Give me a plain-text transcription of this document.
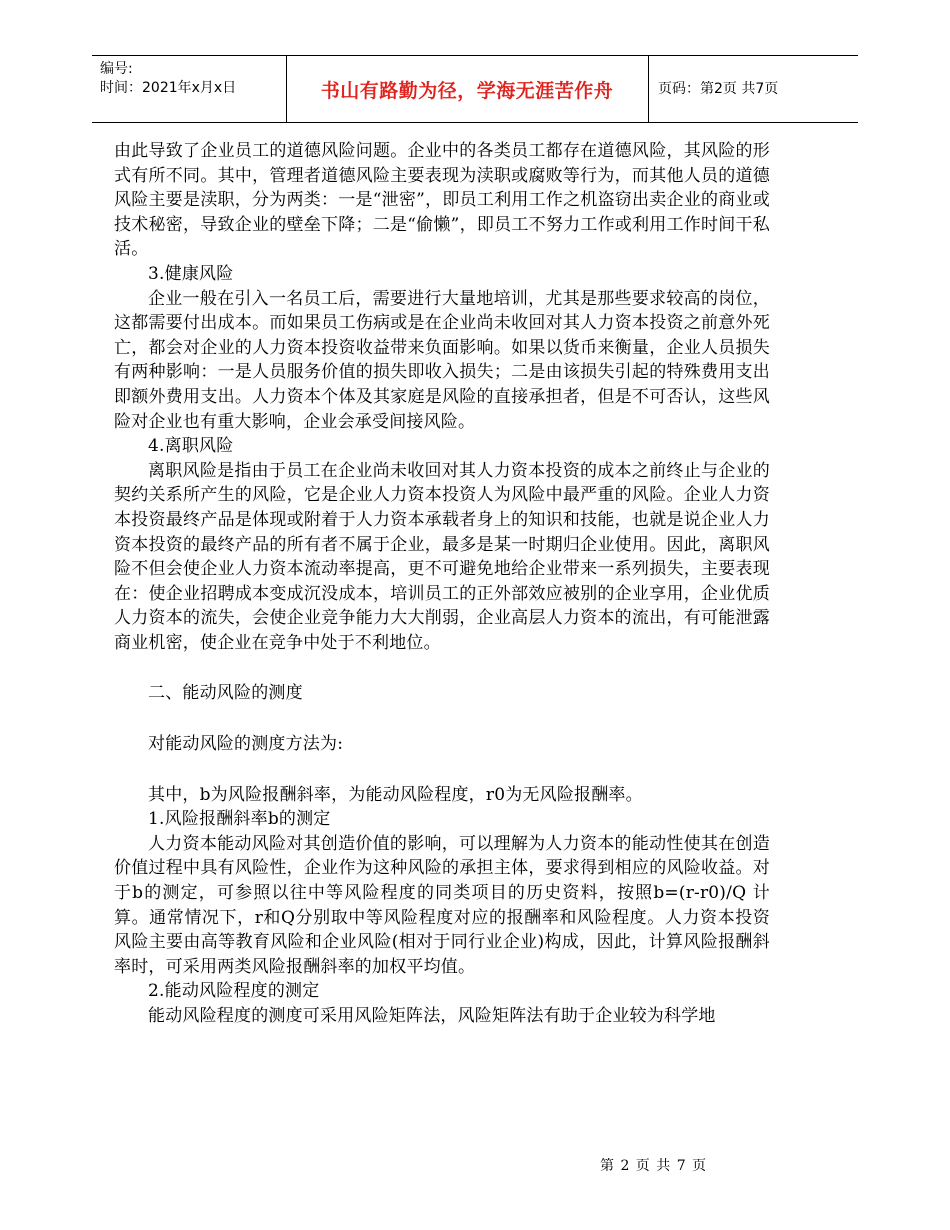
编号:
时间：2021年x月x日	书山有路勤为径，学海无涯苦作舟	页码：第2页 共7页

由此导致了企业员工的道德风险问题。企业中的各类员工都存在道德风险，其风险的形式有所不同。其中，管理者道德风险主要表现为渎职或腐败等行为，而其他人员的道德风险主要是渎职，分为两类：一是“泄密”，即员工利用工作之机盗窃出卖企业的商业或技术秘密，导致企业的壁垒下降；二是“偷懒”，即员工不努力工作或利用工作时间干私活。

3.健康风险

企业一般在引入一名员工后，需要进行大量地培训，尤其是那些要求较高的岗位，这都需要付出成本。而如果员工伤病或是在企业尚未收回对其人力资本投资之前意外死亡，都会对企业的人力资本投资收益带来负面影响。如果以货币来衡量，企业人员损失有两种影响：一是人员服务价值的损失即收入损失；二是由该损失引起的特殊费用支出即额外费用支出。人力资本个体及其家庭是风险的直接承担者，但是不可否认，这些风险对企业也有重大影响，企业会承受间接风险。

4.离职风险

离职风险是指由于员工在企业尚未收回对其人力资本投资的成本之前终止与企业的契约关系所产生的风险，它是企业人力资本投资人为风险中最严重的风险。企业人力资本投资最终产品是体现或附着于人力资本承载者身上的知识和技能，也就是说企业人力资本投资的最终产品的所有者不属于企业，最多是某一时期归企业使用。因此，离职风险不但会使企业人力资本流动率提高，更不可避免地给企业带来一系列损失，主要表现在：使企业招聘成本变成沉没成本，培训员工的正外部效应被别的企业享用，企业优质人力资本的流失，会使企业竞争能力大大削弱，企业高层人力资本的流出，有可能泄露商业机密，使企业在竞争中处于不利地位。

二、能动风险的测度

对能动风险的测度方法为:

其中，b为风险报酬斜率，为能动风险程度，r0为无风险报酬率。

1.风险报酬斜率b的测定

人力资本能动风险对其创造价值的影响，可以理解为人力资本的能动性使其在创造价值过程中具有风险性，企业作为这种风险的承担主体，要求得到相应的风险收益。对于b的测定，可参照以往中等风险程度的同类项目的历史资料，按照b=(r-r0)/Q 计算。通常情况下，r和Q分别取中等风险程度对应的报酬率和风险程度。人力资本投资风险主要由高等教育风险和企业风险(相对于同行业企业)构成，因此，计算风险报酬斜率时，可采用两类风险报酬斜率的加权平均值。

2.能动风险程度的测定

能动风险程度的测度可采用风险矩阵法，风险矩阵法有助于企业较为科学地

第 2 页 共 7 页
